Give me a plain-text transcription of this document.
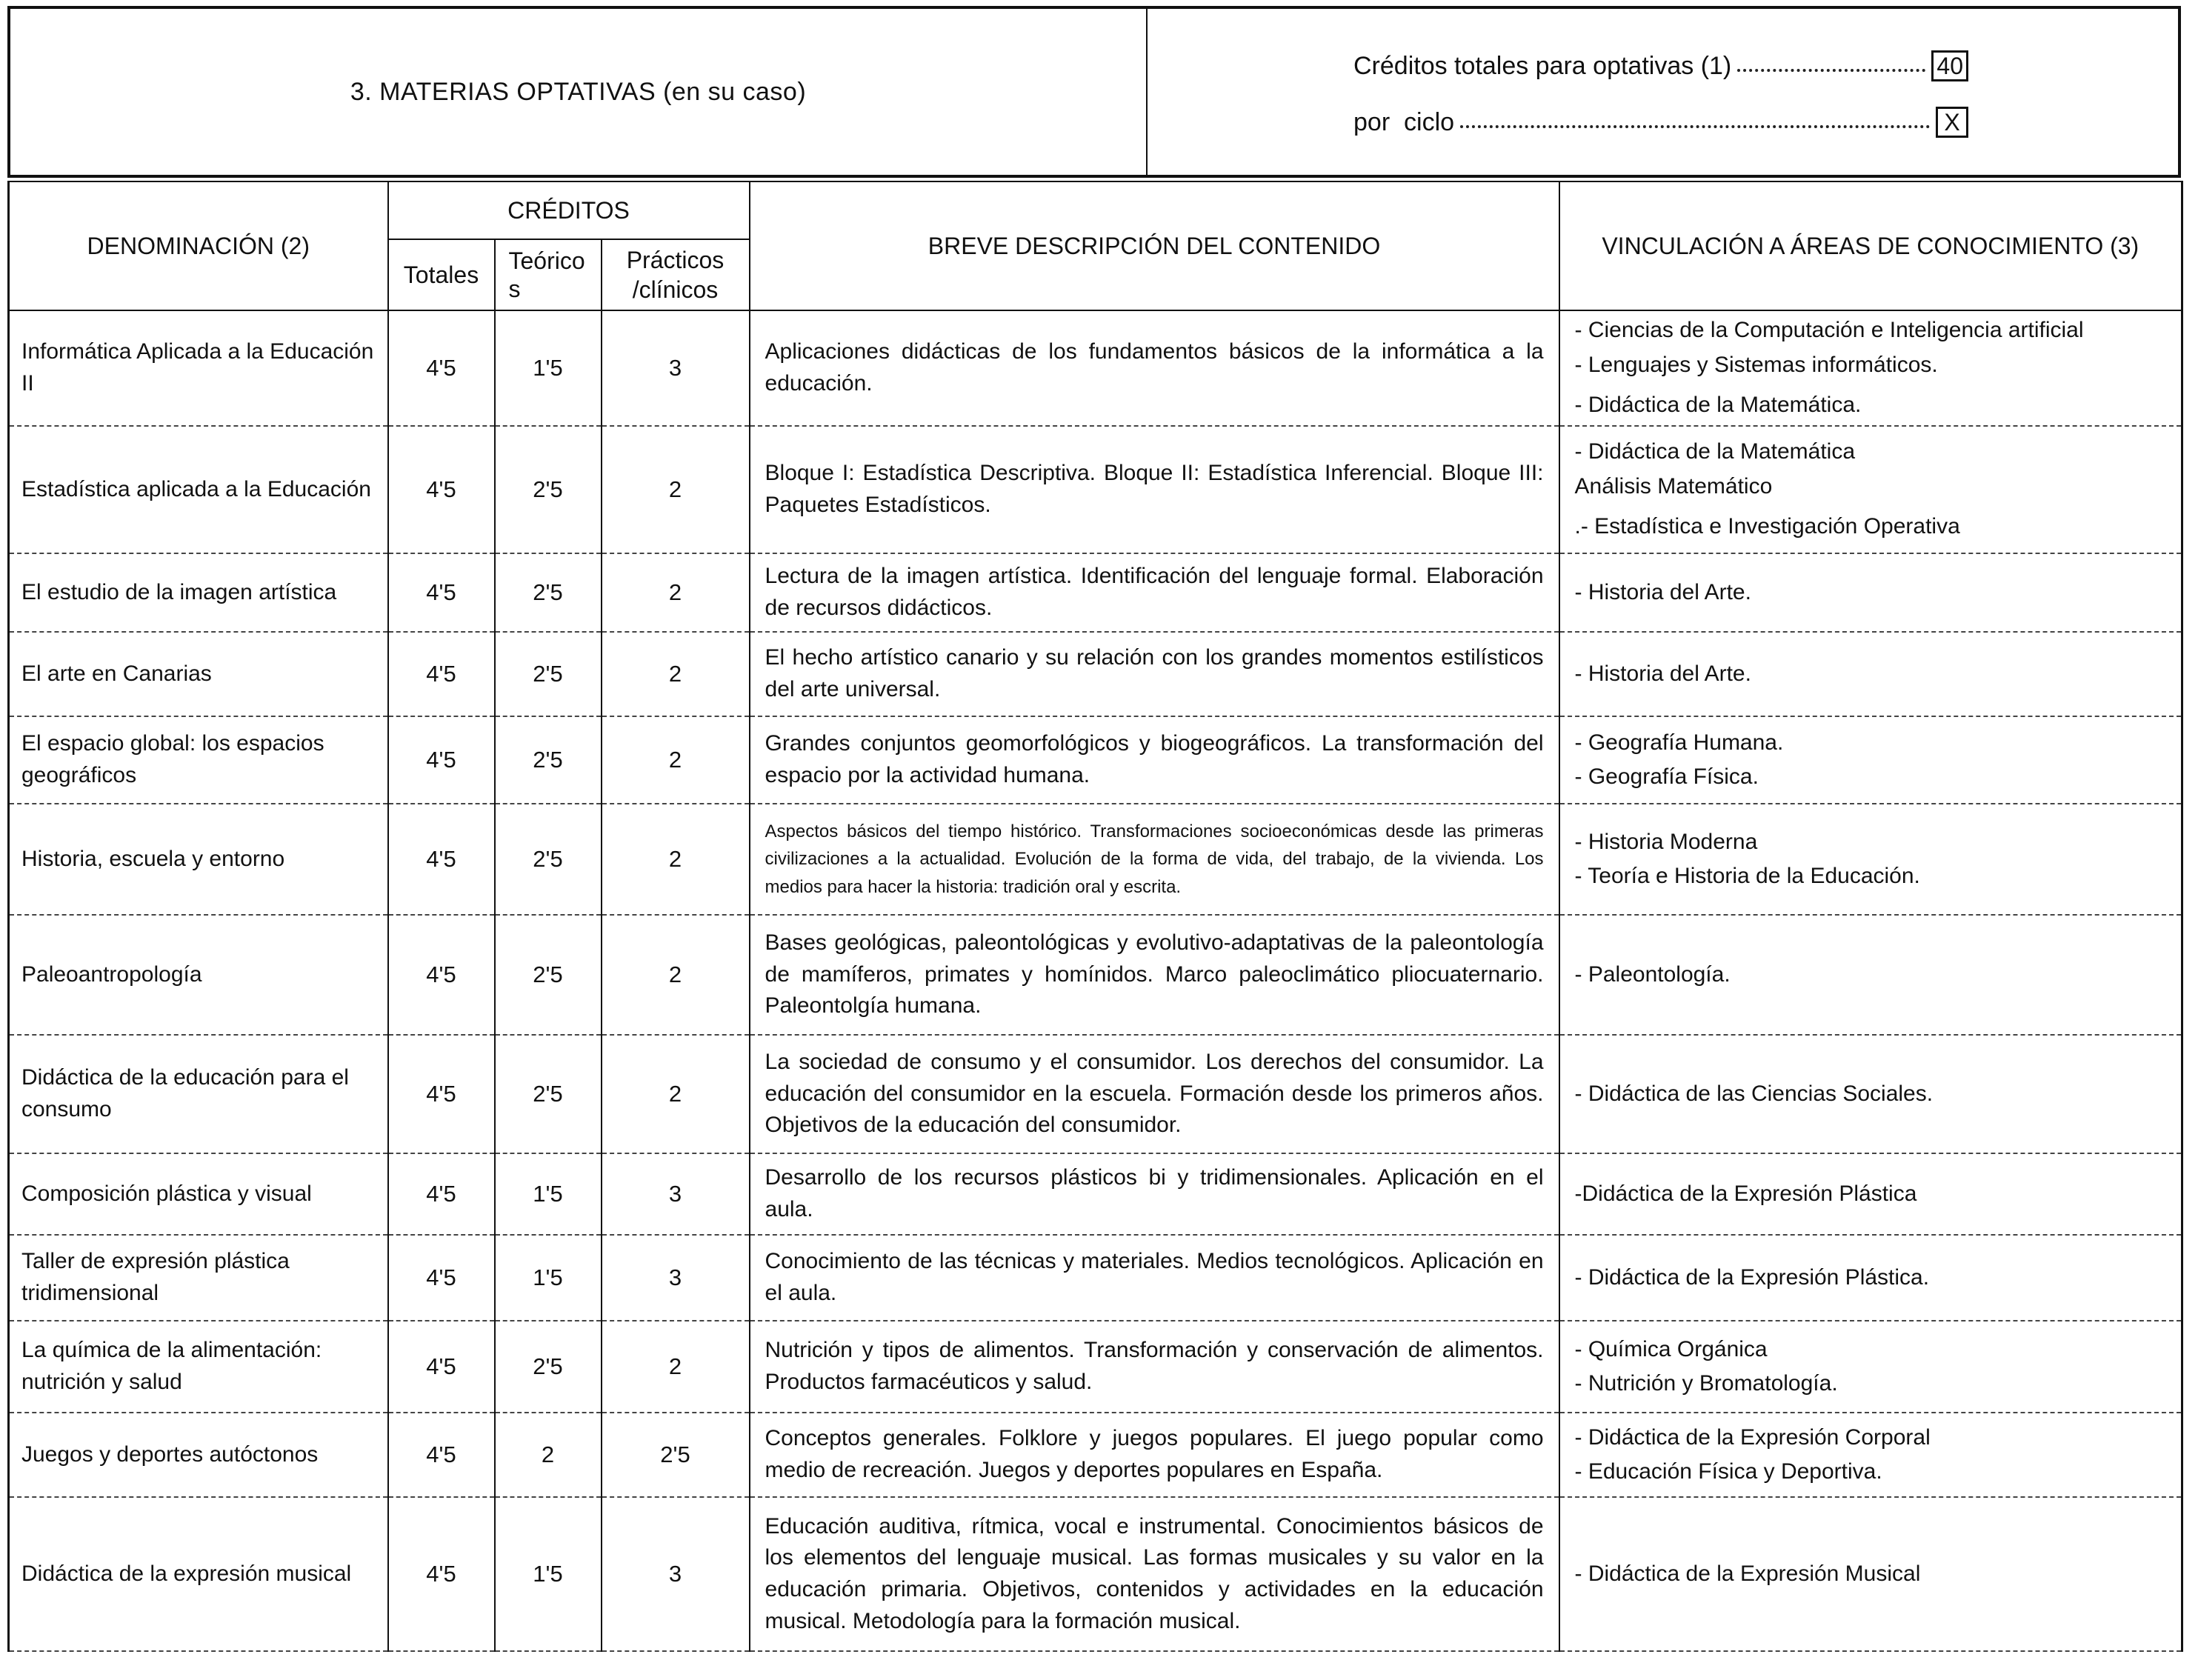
3. MATERIAS OPTATIVAS (en su caso)
Créditos totales para optativas (1)	40
por  ciclo	X
DENOMINACIÓN (2)	CRÉDITOS			BREVE DESCRIPCIÓN DEL CONTENIDO	VINCULACIÓN A ÁREAS DE CONOCIMIENTO (3)
	Totales	Teórico s	Prácticos /clínicos		
Informática Aplicada a la Educación II	4'5	1'5	3	Aplicaciones didácticas de los fundamentos básicos de la informática a la educación.	- Ciencias de la Computación e Inteligencia artificial
- Lenguajes y Sistemas informáticos.
- Didáctica de la Matemática.

Estadística aplicada a la Educación	4'5	2'5	2	Bloque I: Estadística Descriptiva. Bloque II: Estadística Inferencial. Bloque III: Paquetes Estadísticos.	- Didáctica de la Matemática
Análisis Matemático
.- Estadística e Investigación Operativa

El estudio de la imagen artística	4'5	2'5	2	Lectura de la imagen artística. Identificación del lenguaje formal. Elaboración de recursos didácticos.	- Historia del Arte.

El arte en Canarias	4'5	2'5	2	El hecho artístico canario y su relación con los grandes momentos estilísticos del arte universal.	- Historia del Arte.

El espacio global: los espacios geográficos	4'5	2'5	2	Grandes conjuntos geomorfológicos y biogeográficos. La transformación del espacio por la actividad humana.	- Geografía Humana.
- Geografía Física.

Historia, escuela y entorno	4'5	2'5	2	Aspectos básicos del tiempo histórico. Transformaciones socioeconómicas desde las primeras civilizaciones a la actualidad. Evolución de la forma de vida, del trabajo, de la vivienda. Los medios para hacer la historia: tradición oral y escrita.	- Historia Moderna
- Teoría e Historia de la Educación.

Paleoantropología	4'5	2'5	2	Bases geológicas, paleontológicas y evolutivo-adaptativas de la paleontología de mamíferos, primates y homínidos. Marco paleoclimático pliocuaternario. Paleontolgía humana.	- Paleontología.

Didáctica de la educación para el consumo	4'5	2'5	2	La sociedad de consumo y el consumidor. Los derechos del consumidor. La educación del consumidor en la escuela. Formación desde los primeros años. Objetivos de la educación del consumidor.	- Didáctica de las Ciencias Sociales.

Composición plástica y visual	4'5	1'5	3	Desarrollo de los recursos plásticos bi y tridimensionales. Aplicación en el aula.	-Didáctica de la Expresión Plástica

Taller de expresión plástica tridimensional	4'5	1'5	3	Conocimiento de las técnicas y materiales. Medios tecnológicos. Aplicación en el aula.	- Didáctica de la Expresión Plástica.

La química de la alimentación: nutrición y salud	4'5	2'5	2	Nutrición y tipos de alimentos. Transformación y conservación de alimentos. Productos farmacéuticos y salud.	- Química Orgánica
- Nutrición y Bromatología.

Juegos y deportes autóctonos	4'5	2	2'5	Conceptos generales. Folklore y juegos populares. El juego popular como medio de recreación. Juegos y deportes populares en España.	- Didáctica de la Expresión Corporal
- Educación Física y Deportiva.

Didáctica de la expresión musical	4'5	1'5	3	Educación auditiva, rítmica, vocal e instrumental. Conocimientos básicos de los elementos del lenguaje musical. Las formas musicales y su valor en la educación primaria. Objetivos, contenidos y actividades en la educación musical. Metodología para la formación musical.	- Didáctica de la Expresión Musical
